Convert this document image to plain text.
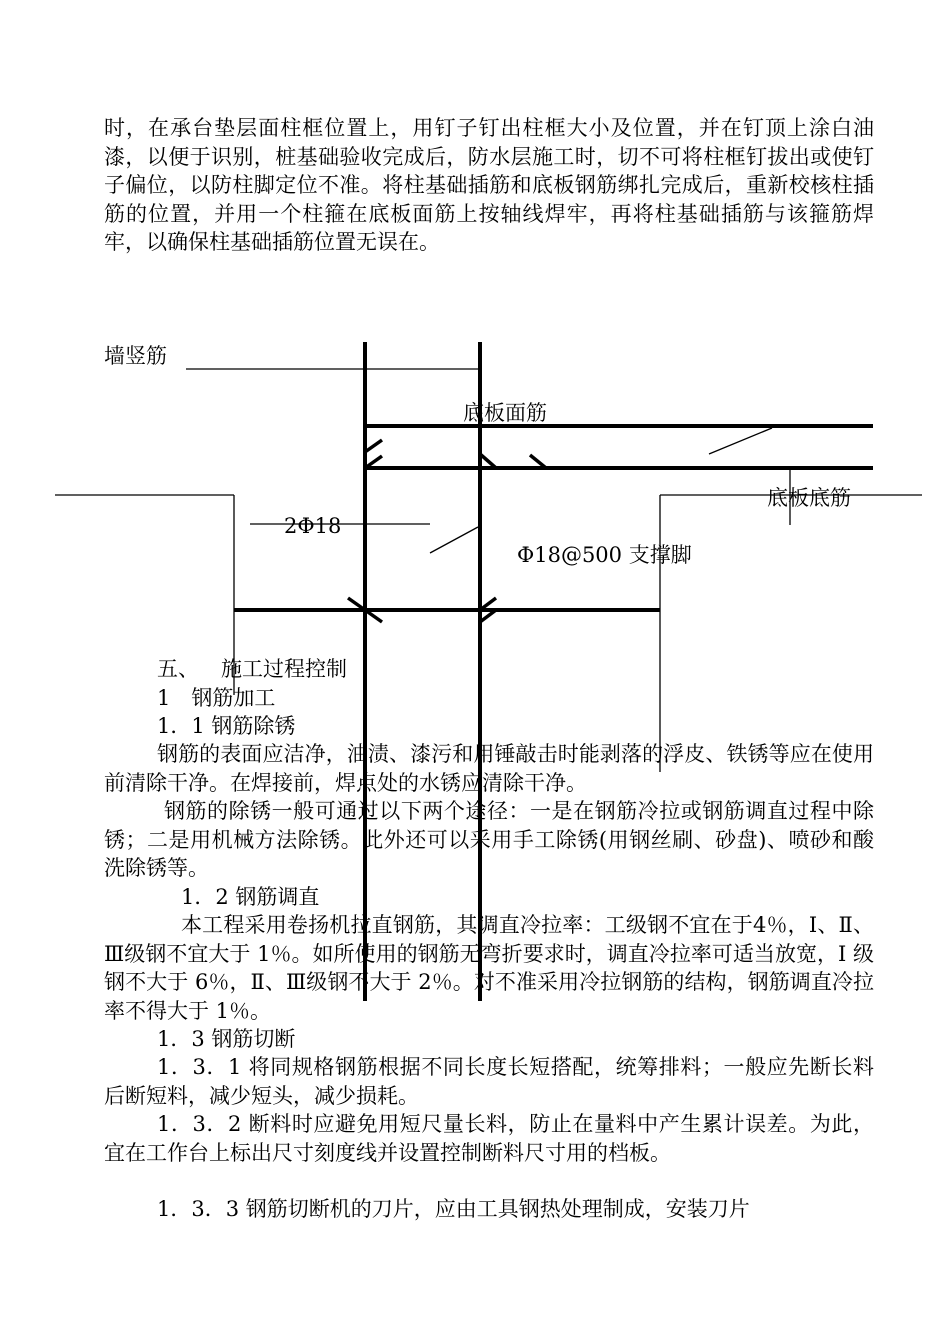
时，在承台垫层面柱框位置上，用钉子钉出柱框大小及位置，并在钉顶上涂白油漆，以便于识别，桩基础验收完成后，防水层施工时，切不可将柱框钉拔出或使钉子偏位，以防柱脚定位不准。将柱基础插筋和底板钢筋绑扎完成后，重新校核柱插筋的位置，并用一个柱箍在底板面筋上按轴线焊牢，再将柱基础插筋与该箍筋焊牢，以确保柱基础插筋位置无误在。

墙竖筋
底板面筋
底板底筋
2Φ18
Φ18@500 支撑脚
五、 施工过程控制
1　钢筋加工
1．1 钢筋除锈

钢筋的表面应洁净，油渍、漆污和用锤敲击时能剥落的浮皮、铁锈等应在使用前清除干净。在焊接前，焊点处的水锈应清除干净。

钢筋的除锈一般可通过以下两个途径：一是在钢筋冷拉或钢筋调直过程中除锈；二是用机械方法除锈。此外还可以采用手工除锈(用钢丝刷、砂盘)、喷砂和酸洗除锈等。

1．2 钢筋调直

本工程采用卷扬机拉直钢筋，其调直冷拉率：工级钢不宜在于4％，Ⅰ、Ⅱ、Ⅲ级钢不宜大于 1％。如所使用的钢筋无弯折要求时，调直冷拉率可适当放宽，I 级钢不大于 6％，Ⅱ、Ⅲ级钢不大于 2％。对不准采用冷拉钢筋的结构，钢筋调直冷拉率不得大于 1％。

1．3 钢筋切断

1．3．1 将同规格钢筋根据不同长度长短搭配，统筹排料；一般应先断长料后断短料，减少短头，减少损耗。

1．3．2 断料时应避免用短尺量长料，防止在量料中产生累计误差。为此，宜在工作台上标出尺寸刻度线并设置控制断料尺寸用的档板。

1．3．3 钢筋切断机的刀片，应由工具钢热处理制成，安装刀片
